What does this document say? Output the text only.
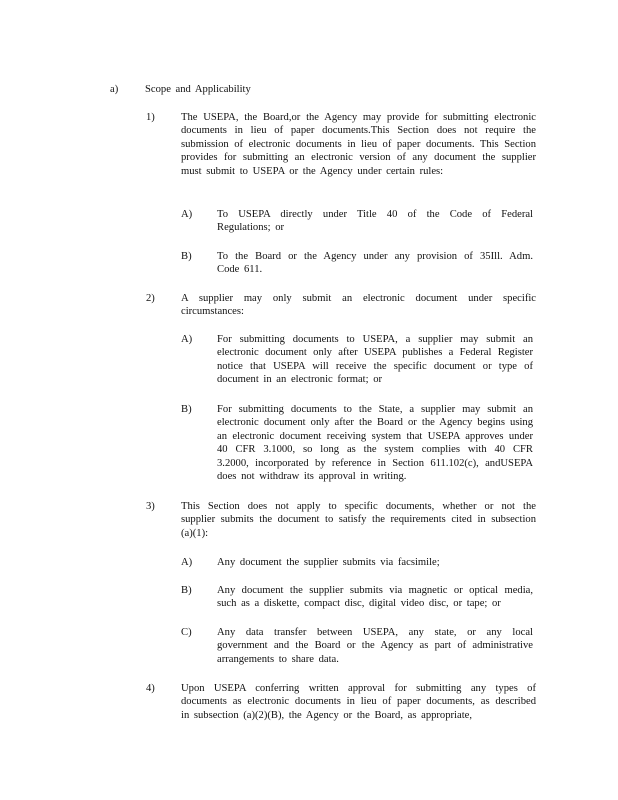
a)	Scope and Applicability
1) The USEPA, the Board,or the Agency may provide for submitting electronic documents in lieu of paper documents.This Section does not require the submission of electronic documents in lieu of paper documents. This Section provides for submitting an electronic version of any document the supplier must submit to USEPA or the Agency under certain rules:
A) To USEPA directly under Title 40 of the Code of Federal Regulations; or
B) To the Board or the Agency under any provision of 35Ill. Adm. Code 611.
2) A supplier may only submit an electronic document under specific circumstances:
A) For submitting documents to USEPA, a supplier may submit an electronic document only after USEPA publishes a Federal Register notice that USEPA will receive the specific document or type of document in an electronic format; or
B) For submitting documents to the State, a supplier may submit an electronic document only after the Board or the Agency begins using an electronic document receiving system that USEPA approves under 40 CFR 3.1000, so long as the system complies with 40 CFR 3.2000, incorporated by reference in Section 611.102(c), andUSEPA does not withdraw its approval in writing.
3) This Section does not apply to specific documents, whether or not the supplier submits the document to satisfy the requirements cited in subsection (a)(1):
A) Any document the supplier submits via facsimile;
B) Any document the supplier submits via magnetic or optical media, such as a diskette, compact disc, digital video disc, or tape; or
C) Any data transfer between USEPA, any state, or any local government and the Board or the Agency as part of administrative arrangements to share data.
4) Upon USEPA conferring written approval for submitting any types of documents as electronic documents in lieu of paper documents, as described in subsection (a)(2)(B), the Agency or the Board, as appropriate,
